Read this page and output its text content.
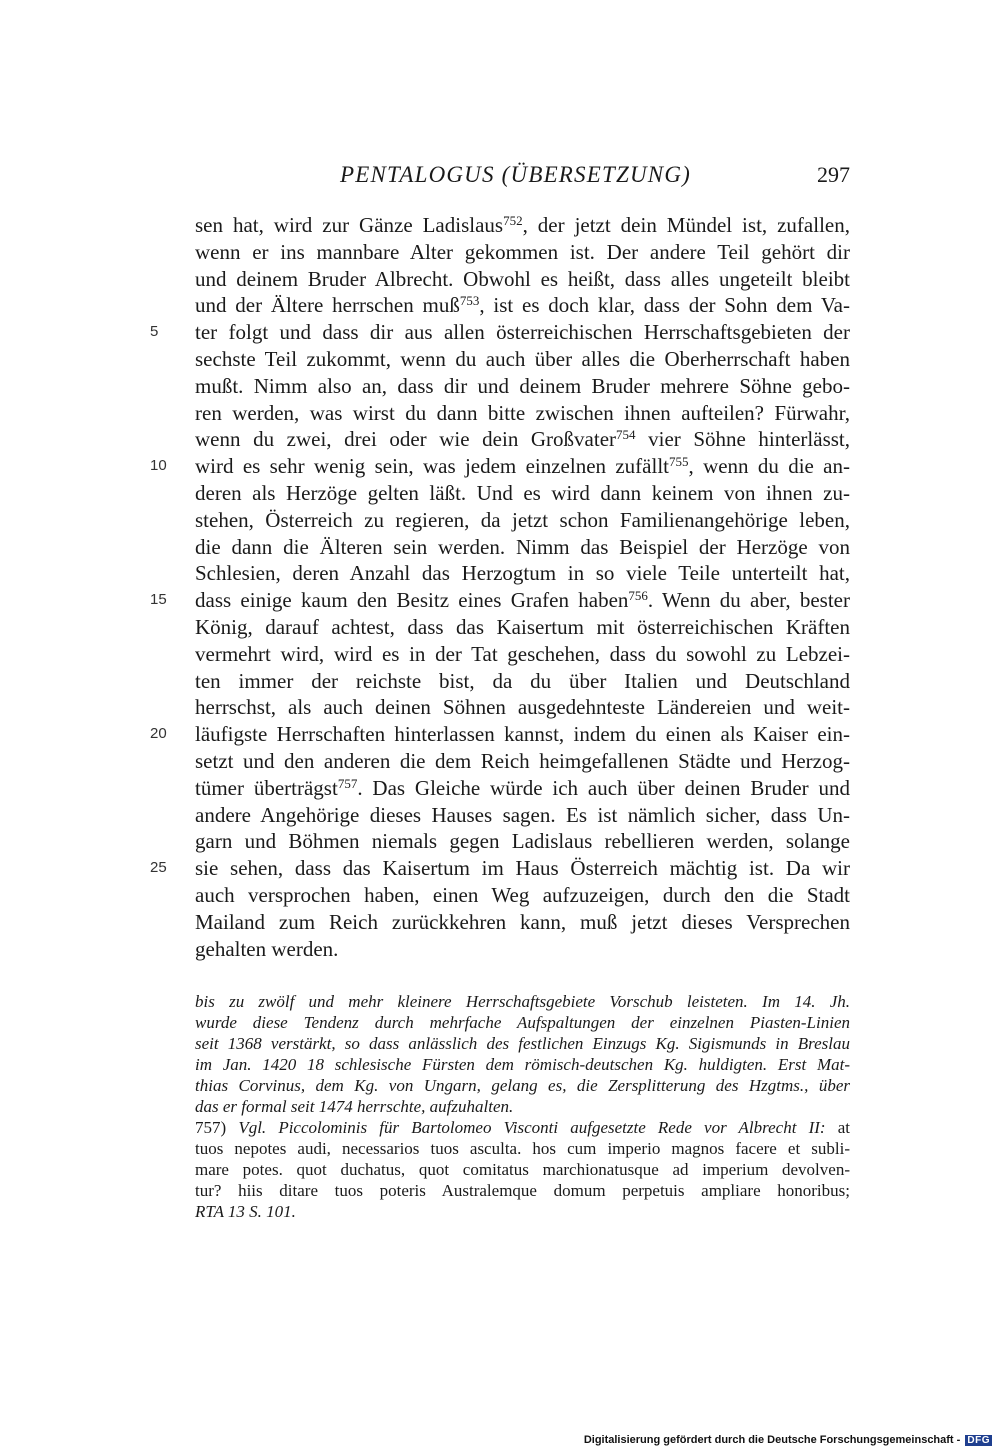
PENTALOGUS (ÜBERSETZUNG)	297
sen hat, wird zur Gänze Ladislaus$^{752}$, der jetzt dein Mündel ist, zufallen,
wenn er ins mannbare Alter gekommen ist. Der andere Teil gehört dir
und deinem Bruder Albrecht. Obwohl es heißt, dass alles ungeteilt bleibt
und der Ältere herrschen muß$^{753}$, ist es doch klar, dass der Sohn dem Va-
5	ter folgt und dass dir aus allen österreichischen Herrschaftsgebieten der
sechste Teil zukommt, wenn du auch über alles die Oberherrschaft haben
mußt. Nimm also an, dass dir und deinem Bruder mehrere Söhne gebo-
ren werden, was wirst du dann bitte zwischen ihnen aufteilen? Fürwahr,
wenn du zwei, drei oder wie dein Großvater$^{754}$ vier Söhne hinterlässt,
10	wird es sehr wenig sein, was jedem einzelnen zufällt$^{755}$, wenn du die an-
deren als Herzöge gelten läßt. Und es wird dann keinem von ihnen zu-
stehen, Österreich zu regieren, da jetzt schon Familienangehörige leben,
die dann die Älteren sein werden. Nimm das Beispiel der Herzöge von
Schlesien, deren Anzahl das Herzogtum in so viele Teile unterteilt hat,
15	dass einige kaum den Besitz eines Grafen haben$^{756}$. Wenn du aber, bester
König, darauf achtest, dass das Kaisertum mit österreichischen Kräften
vermehrt wird, wird es in der Tat geschehen, dass du sowohl zu Lebzei-
ten immer der reichste bist, da du über Italien und Deutschland
herrschst, als auch deinen Söhnen ausgedehnteste Ländereien und weit-
20	läufigste Herrschaften hinterlassen kannst, indem du einen als Kaiser ein-
setzt und den anderen die dem Reich heimgefallenen Städte und Herzog-
tümer überträgst$^{757}$. Das Gleiche würde ich auch über deinen Bruder und
andere Angehörige dieses Hauses sagen. Es ist nämlich sicher, dass Un-
garn und Böhmen niemals gegen Ladislaus rebellieren werden, solange
25	sie sehen, dass das Kaisertum im Haus Österreich mächtig ist. Da wir
auch versprochen haben, einen Weg aufzuzeigen, durch den die Stadt
Mailand zum Reich zurückkehren kann, muß jetzt dieses Versprechen
gehalten werden.
bis zu zwölf und mehr kleinere Herrschaftsgebiete Vorschub leisteten. Im 14. Jh.
wurde diese Tendenz durch mehrfache Aufspaltungen der einzelnen Piasten-Linien
seit 1368 verstärkt, so dass anlässlich des festlichen Einzugs Kg. Sigismunds in Breslau
im Jan. 1420 18 schlesische Fürsten dem römisch-deutschen Kg. huldigten. Erst Mat-
thias Corvinus, dem Kg. von Ungarn, gelang es, die Zersplitterung des Hzgtms., über
das er formal seit 1474 herrschte, aufzuhalten.
757) Vgl. Piccolominis für Bartolomeo Visconti aufgesetzte Rede vor Albrecht II: at
tuos nepotes audi, necessarios tuos asculta. hos cum imperio magnos facere et subli-
mare potes. quot duchatus, quot comitatus marchionatusque ad imperium devolven-
tur? hiis ditare tuos poteris Australemque domum perpetuis ampliare honoribus;
RTA 13 S. 101.
Digitalisierung gefördert durch die Deutsche Forschungsgemeinschaft - DFG
